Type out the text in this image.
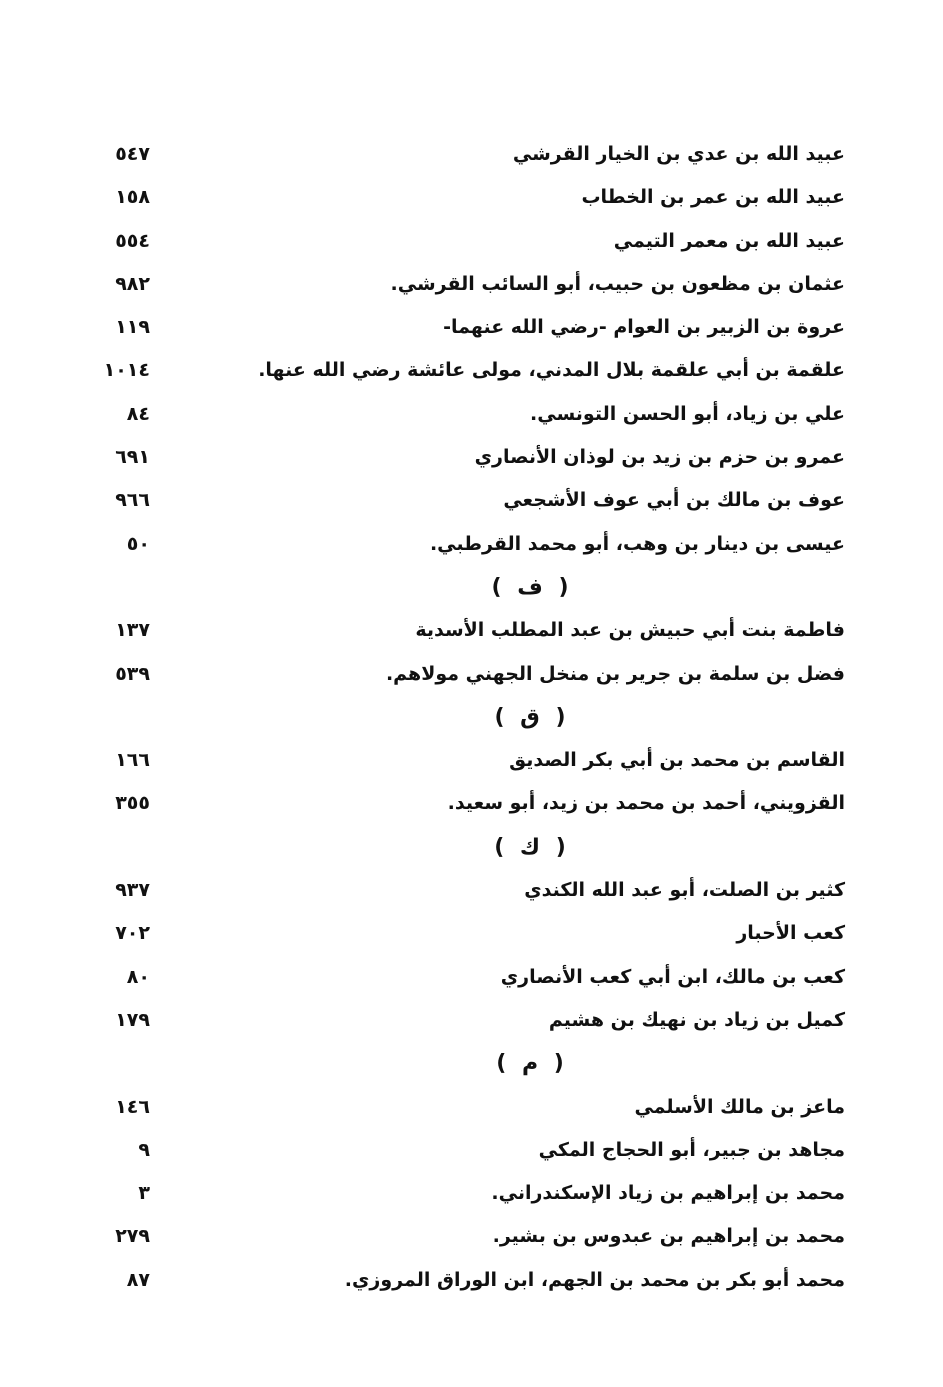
عبيد الله بن عدي بن الخيار القرشي
٥٤٧
عبيد الله بن عمر بن الخطاب
١٥٨
عبيد الله بن معمر التيمي
٥٥٤
عثمان بن مظعون بن حبيب، أبو السائب القرشي.
٩٨٢
عروة بن الزبير بن العوام -رضي الله عنهما-
١١٩
علقمة بن أبي علقمة بلال المدني، مولى عائشة رضي الله عنها.
١٠١٤
علي بن زياد، أبو الحسن التونسي.
٨٤
عمرو بن حزم بن زيد بن لوذان الأنصاري
٦٩١
عوف بن مالك بن أبي عوف الأشجعي
٩٦٦
عيسى بن دينار بن وهب، أبو محمد القرطبي.
٥٠
( ف )
فاطمة بنت أبي حبيش بن عبد المطلب الأسدية
١٣٧
فضل بن سلمة بن جرير بن منخل الجهني مولاهم.
٥٣٩
( ق )
القاسم بن محمد بن أبي بكر الصديق
١٦٦
القزويني، أحمد بن محمد بن زيد، أبو سعيد.
٣٥٥
( ك )
كثير بن الصلت، أبو عبد الله الكندي
٩٣٧
كعب الأحبار
٧٠٢
كعب بن مالك، ابن أبي كعب الأنصاري
٨٠
كميل بن زياد بن نهيك بن هشيم
١٧٩
( م )
ماعز بن مالك الأسلمي
١٤٦
مجاهد بن جبير، أبو الحجاج المكي
٩
محمد بن إبراهيم بن زياد الإسكندراني.
٣
محمد بن إبراهيم بن عبدوس بن بشير.
٢٧٩
محمد أبو بكر بن محمد بن الجهم، ابن الوراق المروزي.
٨٧
